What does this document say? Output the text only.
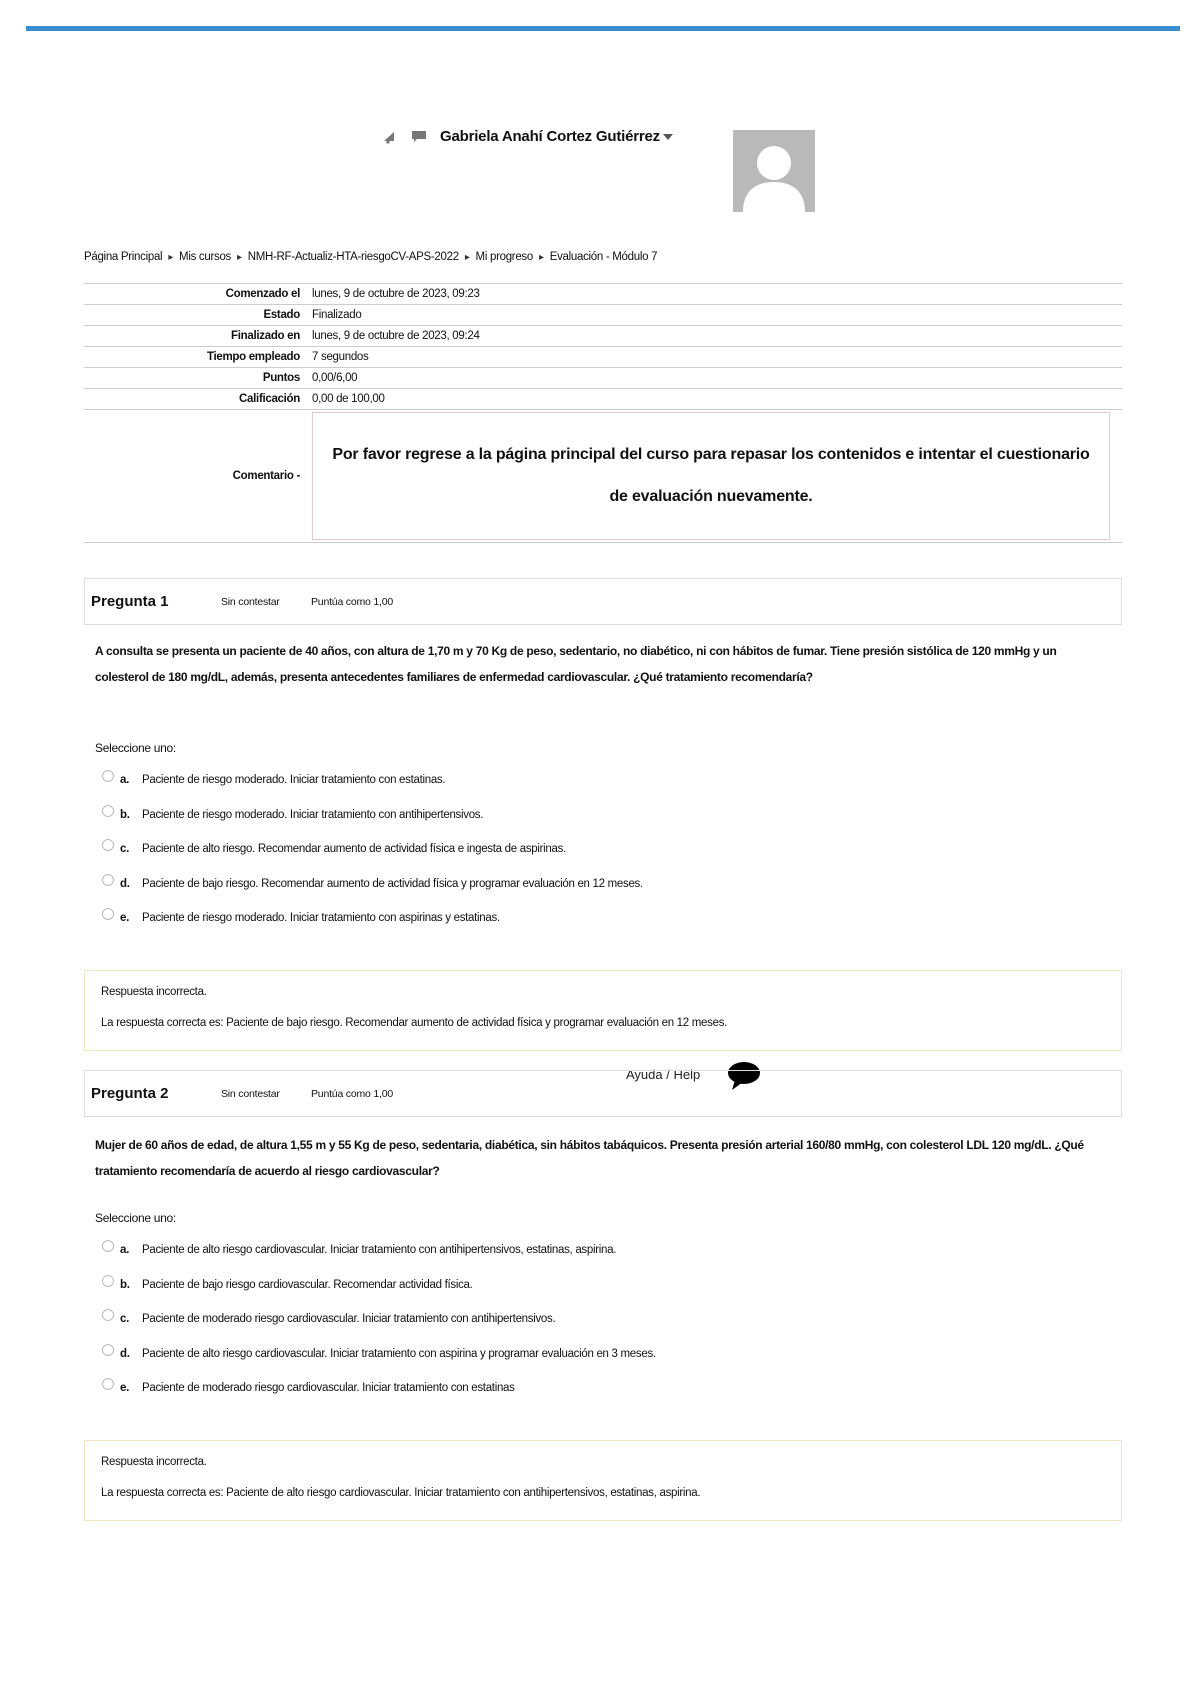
Gabriela Anahí Cortez Gutiérrez
Página Principal ▸ Mis cursos ▸ NMH-RF-Actualiz-HTA-riesgoCV-APS-2022 ▸ Mi progreso ▸ Evaluación - Módulo 7
Comenzado el	lunes, 9 de octubre de 2023, 09:23
Estado	Finalizado
Finalizado en	lunes, 9 de octubre de 2023, 09:24
Tiempo empleado	7 segundos
Puntos	0,00/6,00
Calificación	0,00 de 100,00
Comentario -	Por favor regrese a la página principal del curso para repasar los contenidos e intentar el cuestionario de evaluación nuevamente.
Pregunta 1	Sin contestar	Puntúa como 1,00
A consulta se presenta un paciente de 40 años, con altura de 1,70 m y 70 Kg de peso, sedentario, no diabético, ni con hábitos de fumar. Tiene presión sistólica de 120 mmHg y un colesterol de 180 mg/dL, además, presenta antecedentes familiares de enfermedad cardiovascular. ¿Qué tratamiento recomendaría?
Seleccione uno:
a.	Paciente de riesgo moderado. Iniciar tratamiento con estatinas.
b.	Paciente de riesgo moderado. Iniciar tratamiento con antihipertensivos.
c.	Paciente de alto riesgo. Recomendar aumento de actividad física e ingesta de aspirinas.
d.	Paciente de bajo riesgo. Recomendar aumento de actividad física y programar evaluación en 12 meses.
e.	Paciente de riesgo moderado. Iniciar tratamiento con aspirinas y estatinas.
Respuesta incorrecta.
La respuesta correcta es: Paciente de bajo riesgo. Recomendar aumento de actividad física y programar evaluación en 12 meses.
Ayuda / Help
Pregunta 2	Sin contestar	Puntúa como 1,00
Mujer de 60 años de edad, de altura 1,55 m y 55 Kg de peso, sedentaria, diabética, sin hábitos tabáquicos. Presenta presión arterial 160/80 mmHg, con colesterol LDL 120 mg/dL. ¿Qué tratamiento recomendaría de acuerdo al riesgo cardiovascular?
Seleccione uno:
a.	Paciente de alto riesgo cardiovascular. Iniciar tratamiento con antihipertensivos, estatinas, aspirina.
b.	Paciente de bajo riesgo cardiovascular. Recomendar actividad física.
c.	Paciente de moderado riesgo cardiovascular. Iniciar tratamiento con antihipertensivos.
d.	Paciente de alto riesgo cardiovascular. Iniciar tratamiento con aspirina y programar evaluación en 3 meses.
e.	Paciente de moderado riesgo cardiovascular. Iniciar tratamiento con estatinas
Respuesta incorrecta.
La respuesta correcta es: Paciente de alto riesgo cardiovascular. Iniciar tratamiento con antihipertensivos, estatinas, aspirina.
